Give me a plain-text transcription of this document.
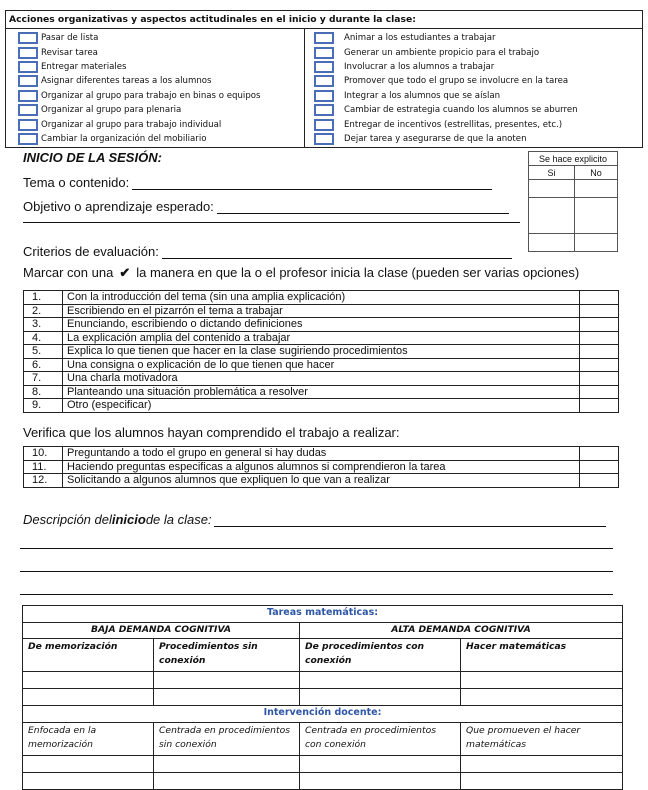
Acciones organizativas y aspectos actitudinales en el inicio y durante la clase:
Pasar de lista
Revisar tarea
Entregar materiales
Asignar diferentes tareas a los alumnos
Organizar al grupo para trabajo en binas o equipos
Organizar al grupo para plenaria
Organizar al grupo para trabajo individual
Cambiar la organización del mobiliario
Animar a los estudiantes a trabajar
Generar un ambiente propicio para el trabajo
Involucrar a los alumnos a trabajar
Promover que todo el grupo se involucre en la tarea
Integrar a los alumnos que se aíslan
Cambiar de estrategia cuando los alumnos se aburren
Entregar de incentivos (estrellitas, presentes, etc.)
Dejar tarea y asegurarse de que la anoten
INICIO DE LA SESIÓN:
Tema o contenido:
Objetivo o aprendizaje esperado:
Criterios de evaluación:
Se hace explicito	
Si	No

Marcar con una ✔ la manera en que la o el profesor inicia la clase (pueden ser varias opciones)
1.	Con la introducción del tema (sin una amplia explicación)	
2.	Escribiendo en el pizarrón el tema a trabajar	
3.	Enunciando, escribiendo o dictando definiciones	
4.	La explicación amplia del contenido a trabajar	
5.	Explica lo que tienen que hacer en la clase sugiriendo procedimientos	
6.	Una consigna o explicación de lo que tienen que hacer	
7.	Una charla motivadora	
8.	Planteando una situación problemática a resolver	
9.	Otro (especificar)	
Verifica que los alumnos hayan comprendido el trabajo a realizar:
10.	Preguntando a todo el grupo en general si hay dudas	
11.	Haciendo preguntas especificas a algunos alumnos si comprendieron la tarea	
12.	Solicitando a algunos alumnos que expliquen lo que van a realizar	
Descripción del inicio de la clase:
Tareas matemáticas:			
BAJA DEMANDA COGNITIVA		ALTA DEMANDA COGNITIVA	
De memorización	Procedimientos sin conexión	De procedimientos con conexión	Hacer matemáticas

Intervención docente:			
Enfocada en la memorización	Centrada en procedimientos sin conexión	Centrada en procedimientos con conexión	Que promueven el hacer matemáticas
